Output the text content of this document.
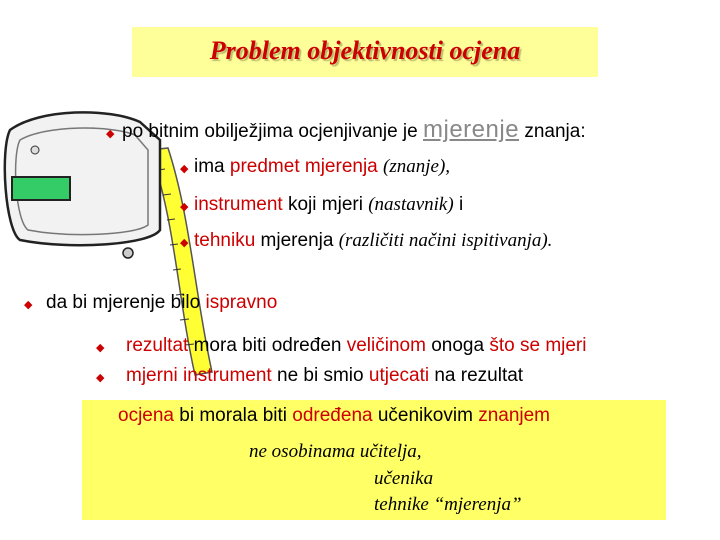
Problem objektivnosti ocjena
◆ po bitnim obilježjima ocjenjivanje je mjerenje znanja:
◆ ima predmet mjerenja (znanje),
◆ instrument koji mjeri (nastavnik) i
◆ tehniku mjerenja (različiti načini ispitivanja).
◆ da bi mjerenje bilo ispravno
◆ rezultat mora biti određen veličinom onoga što se mjeri
◆ mjerni instrument ne bi smio utjecati na rezultat
ocjena bi morala biti određena učenikovim znanjem
ne osobinama učitelja,
učenika
tehnike “mjerenja”
